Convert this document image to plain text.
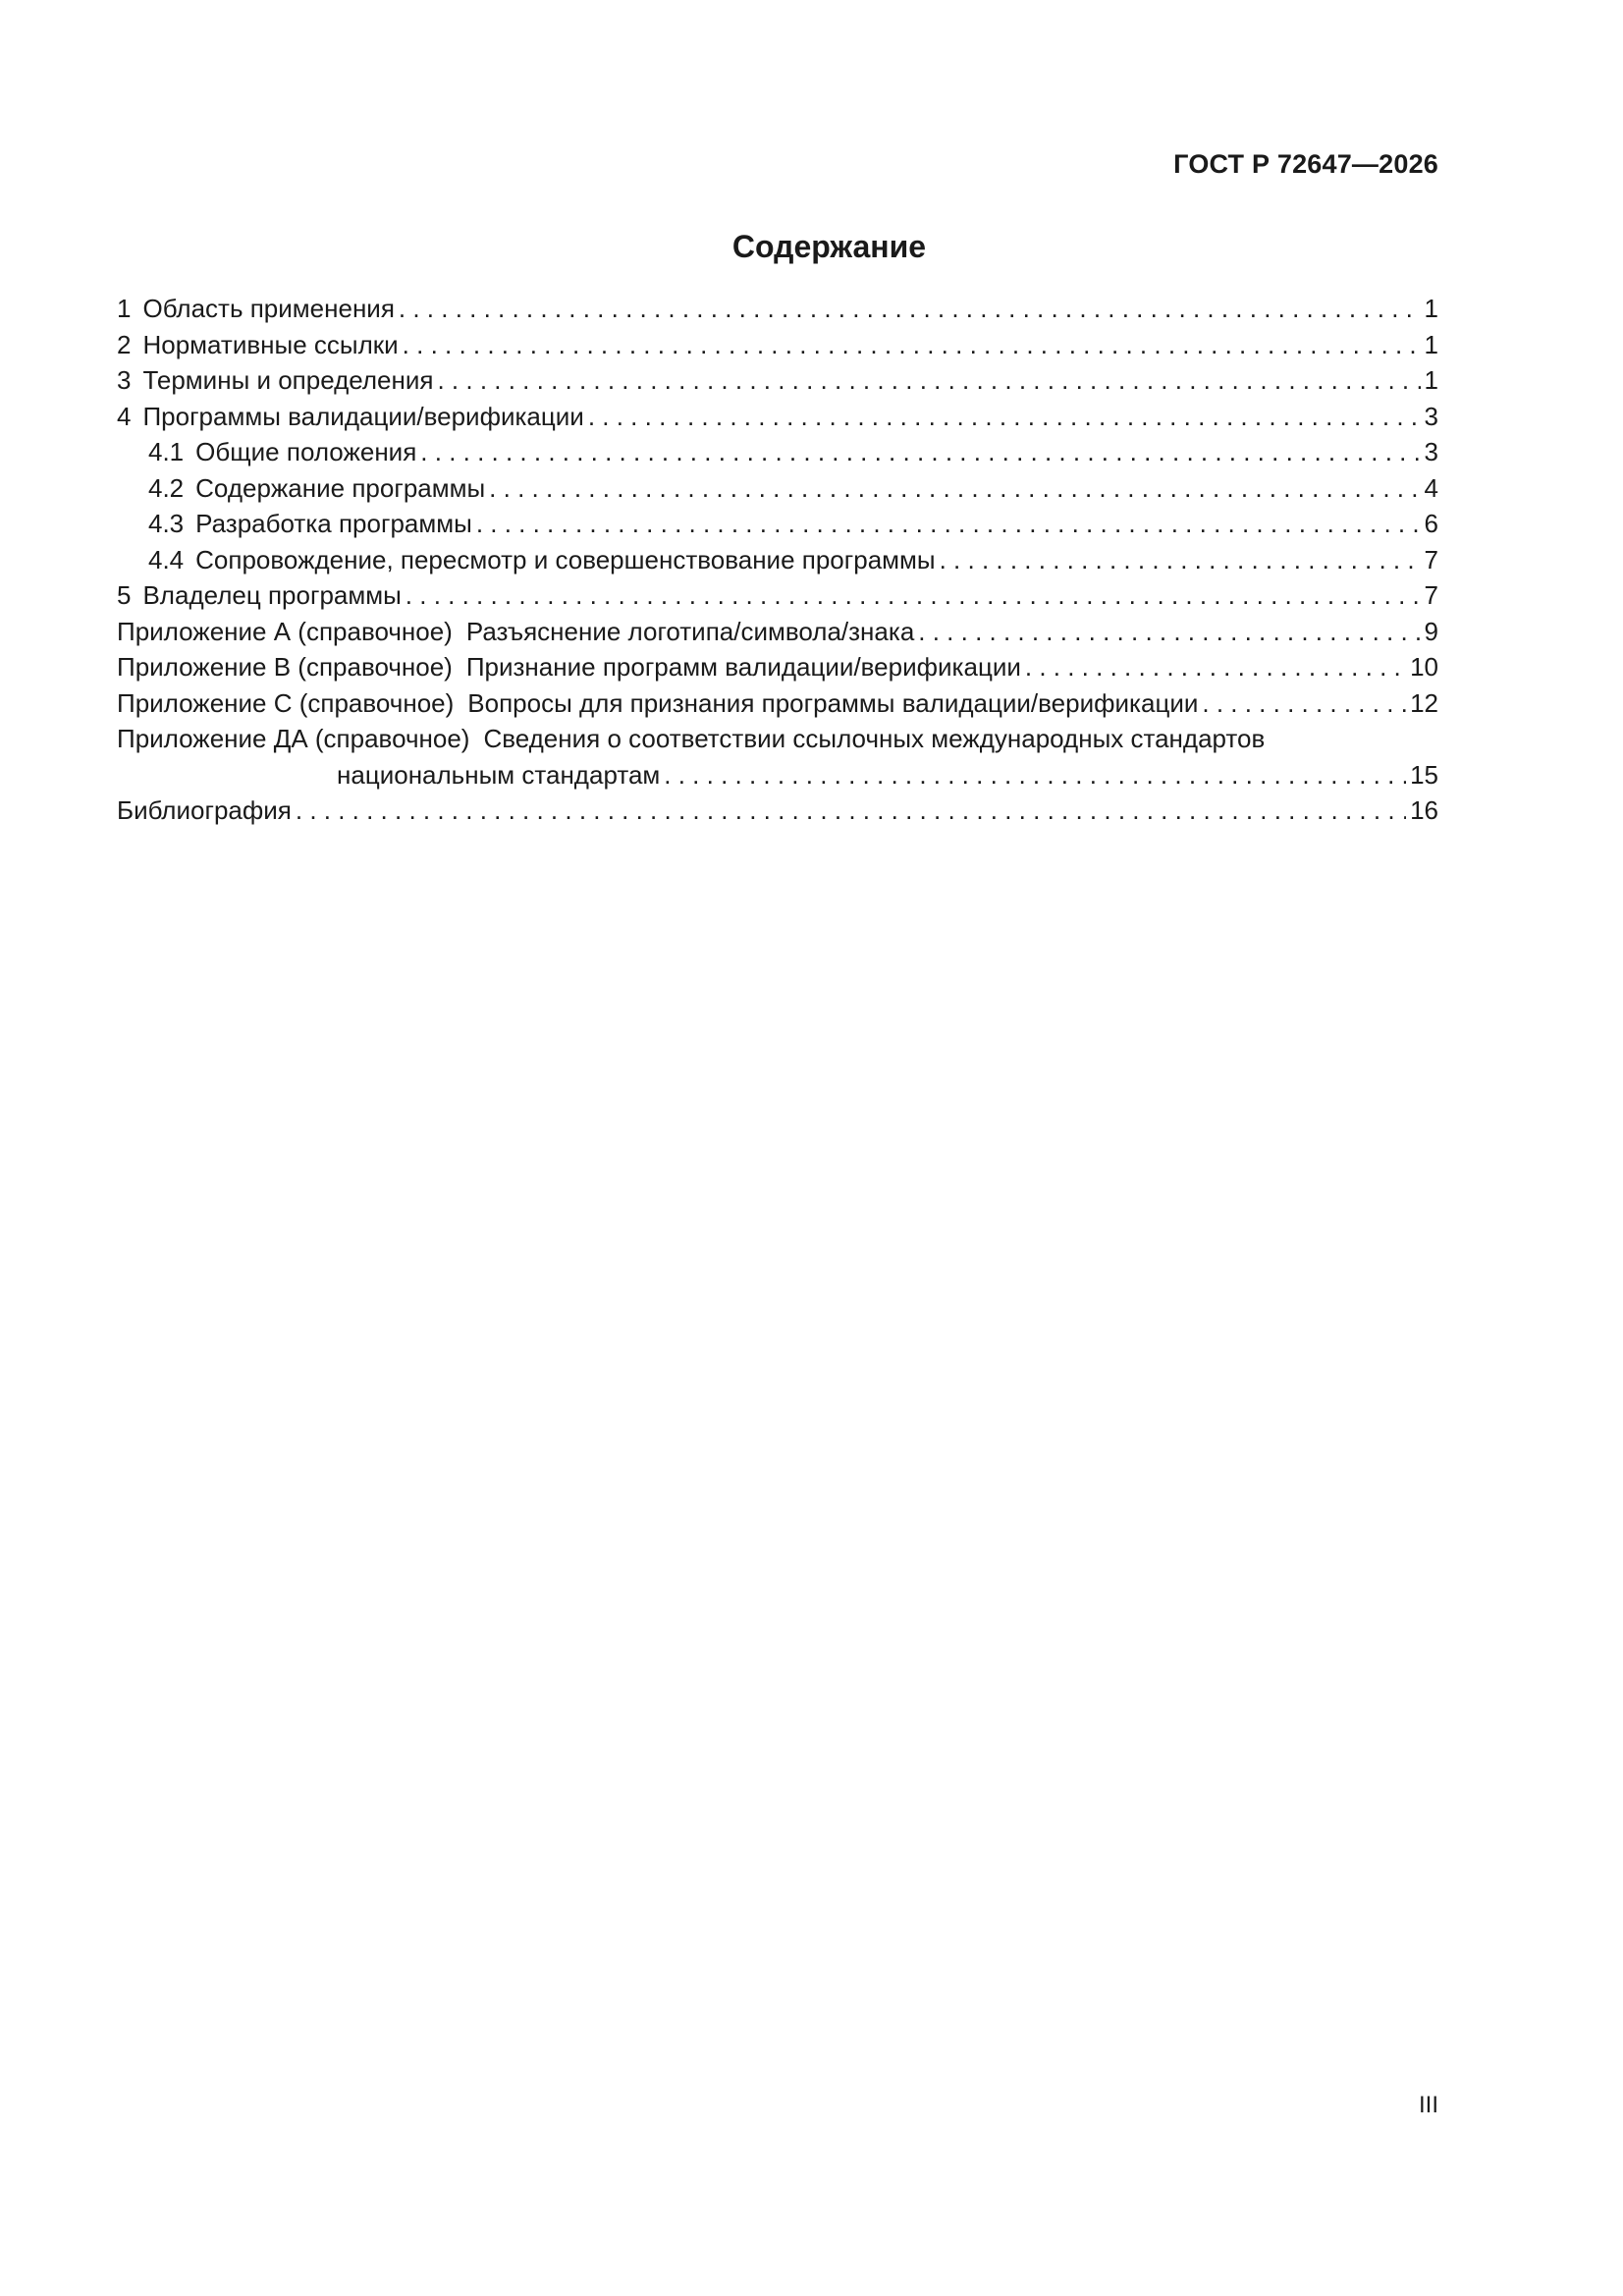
ГОСТ Р 72647—2026
Содержание
1 Область применения . . .	1
2 Нормативные ссылки . . .	1
3 Термины и определения . . .	1
4 Программы валидации/верификации . . .	3
4.1 Общие положения . . .	3
4.2 Содержание программы . . .	4
4.3 Разработка программы . . .	6
4.4 Сопровождение, пересмотр и совершенствование программы . . .	7
5 Владелец программы . . .	7
Приложение А (справочное) Разъяснение логотипа/символа/знака . . .	9
Приложение В (справочное) Признание программ валидации/верификации . . .	10
Приложение С (справочное) Вопросы для признания программы валидации/верификации . . .	12
Приложение ДА (справочное) Сведения о соответствии ссылочных международных стандартов
национальным стандартам . . .	15
Библиография . . .	16
III
